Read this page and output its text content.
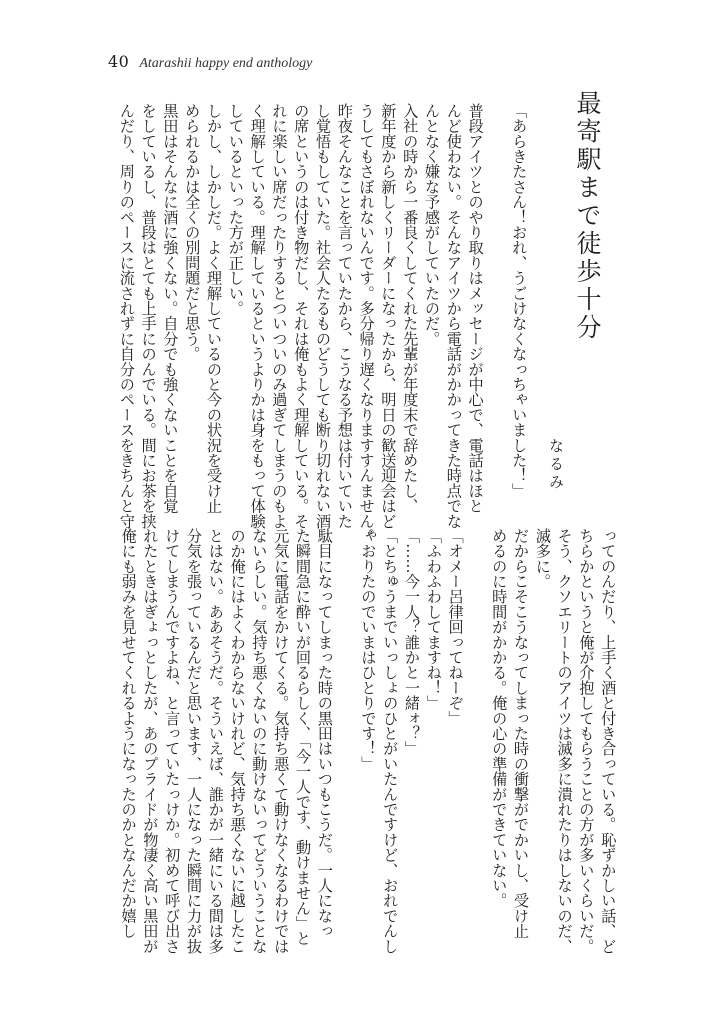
40 Atarashii happy end anthology
最寄駅まで徒歩十分
なるみ
「あらきたさん！おれ、うごけなくなっちゃいました！」
普段アイツとのやり取りはメッセージが中心で、電話はほと
んど使わない。そんなアイツから電話がかかってきた時点でな
んとなく嫌な予感がしていたのだ。
入社の時から一番良くしてくれた先輩が年度末で辞めたし、
新年度から新しくリーダーになったから、明日の歓送迎会はど
うしてもさぼれないんです。多分帰り遅くなりますすんません。
昨夜そんなことを言っていたから、こうなる予想は付いていた
し覚悟もしていた。社会人たるものどうしても断り切れない酒
の席というのは付き物だし、それは俺もよく理解している。そ
れに楽しい席だったりするとついついのみ過ぎてしまうのもよ
く理解している。理解しているというよりかは身をもって体験
しているといった方が正しい。
しかし、しかしだ。よく理解しているのと今の状況を受け止
められるかは全くの別問題だと思う。
黒田はそんなに酒に強くない。自分でも強くないことを自覚
をしているし、普段はとても上手にのんでいる。間にお茶を挟
んだり、周りのペースに流されずに自分のペースをきちんと守
ってのんだり、上手く酒と付き合っている。恥ずかしい話、ど
ちらかというと俺が介抱してもらうことの方が多いくらいだ。
そう、クソエリートのアイツは滅多に潰れたりはしないのだ、
滅多に。
だからこそこうなってしまった時の衝撃がでかいし、受け止
めるのに時間がかかる。俺の心の準備ができていない。
「オメー呂律回ってねーぞ」
「ふわふわしてますね！」
「……今一人？誰かと一緒ォ？」
「とちゅうまでいっしょのひとがいたんですけど、おれでんし
ゃおりたのでいまはひとりです！」
駄目になってしまった時の黒田はいつもこうだ。一人になっ
た瞬間急に酔いが回るらしく、「今一人です、動けません」と
元気に電話をかけてくる。気持ち悪くて動けなくなるわけでは
ないらしい。気持ち悪くないのに動けないってどういうことな
のか俺にはよくわからないけれど、気持ち悪くないに越したこ
とはない。ああそうだ。そういえば、誰かが一緒にいる間は多
分気を張っているんだと思います、一人になった瞬間に力が抜
けてしまうんですよね、と言っていたっけか。初めて呼び出さ
れたときはぎょっとしたが、あのプライドが物凄く高い黒田が
俺にも弱みを見せてくれるようになったのかとなんだか嬉し
